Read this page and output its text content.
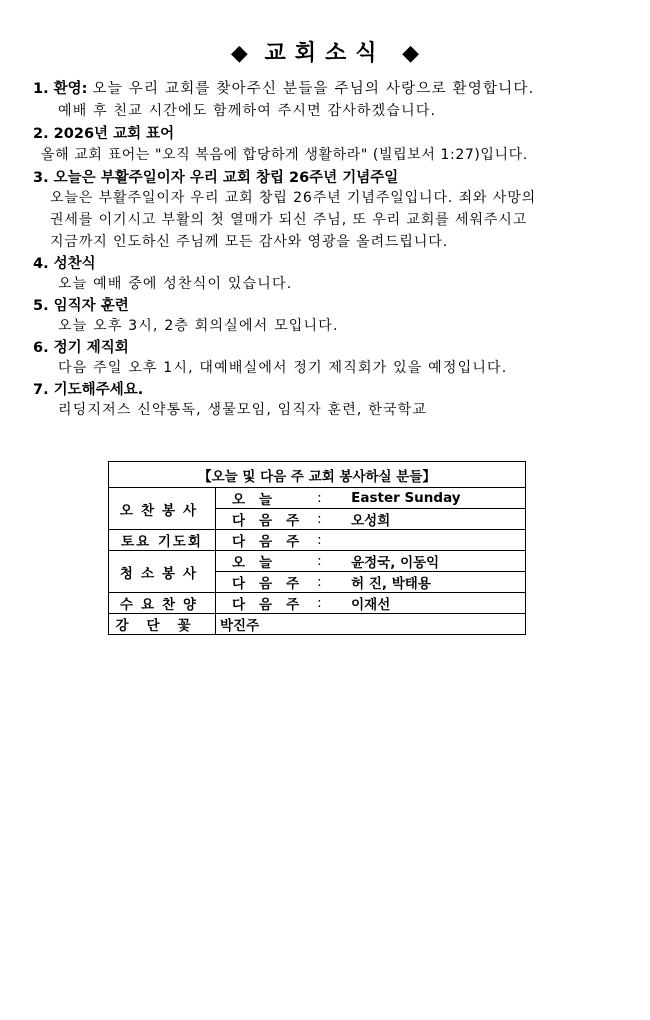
◆ 교회소식 ◆
1. 환영: 오늘 우리 교회를 찾아주신 분들을 주님의 사랑으로 환영합니다.
예배 후 친교 시간에도 함께하여 주시면 감사하겠습니다.
2. 2026년 교회 표어
올해 교회 표어는 "오직 복음에 합당하게 생활하라" (빌립보서 1:27)입니다.
3. 오늘은 부활주일이자 우리 교회 창립 26주년 기념주일
오늘은 부활주일이자 우리 교회 창립 26주년 기념주일입니다. 죄와 사망의
권세를 이기시고 부활의 첫 열매가 되신 주님, 또 우리 교회를 세워주시고
지금까지 인도하신 주님께 모든 감사와 영광을 올려드립니다.
4. 성찬식
오늘 예배 중에 성찬식이 있습니다.
5. 임직자 훈련
오늘 오후 3시, 2층 회의실에서 모입니다.
6. 정기 제직회
다음 주일 오후 1시, 대예배실에서 정기 제직회가 있을 예정입니다.
7. 기도해주세요.
리딩지저스 신약통독, 생물모임, 임직자 훈련, 한국학교
【오늘 및 다음 주 교회 봉사하실 분들】			
오찬봉사	오늘	:	Easter Sunday
	다음주	:	오성희
토요 기도회	다음주	:	
청소봉사	오늘	:	윤정국, 이동익
	다음주	:	허 진, 박태용
수요찬양	다음주	:	이재선
강단꽃	박진주		
